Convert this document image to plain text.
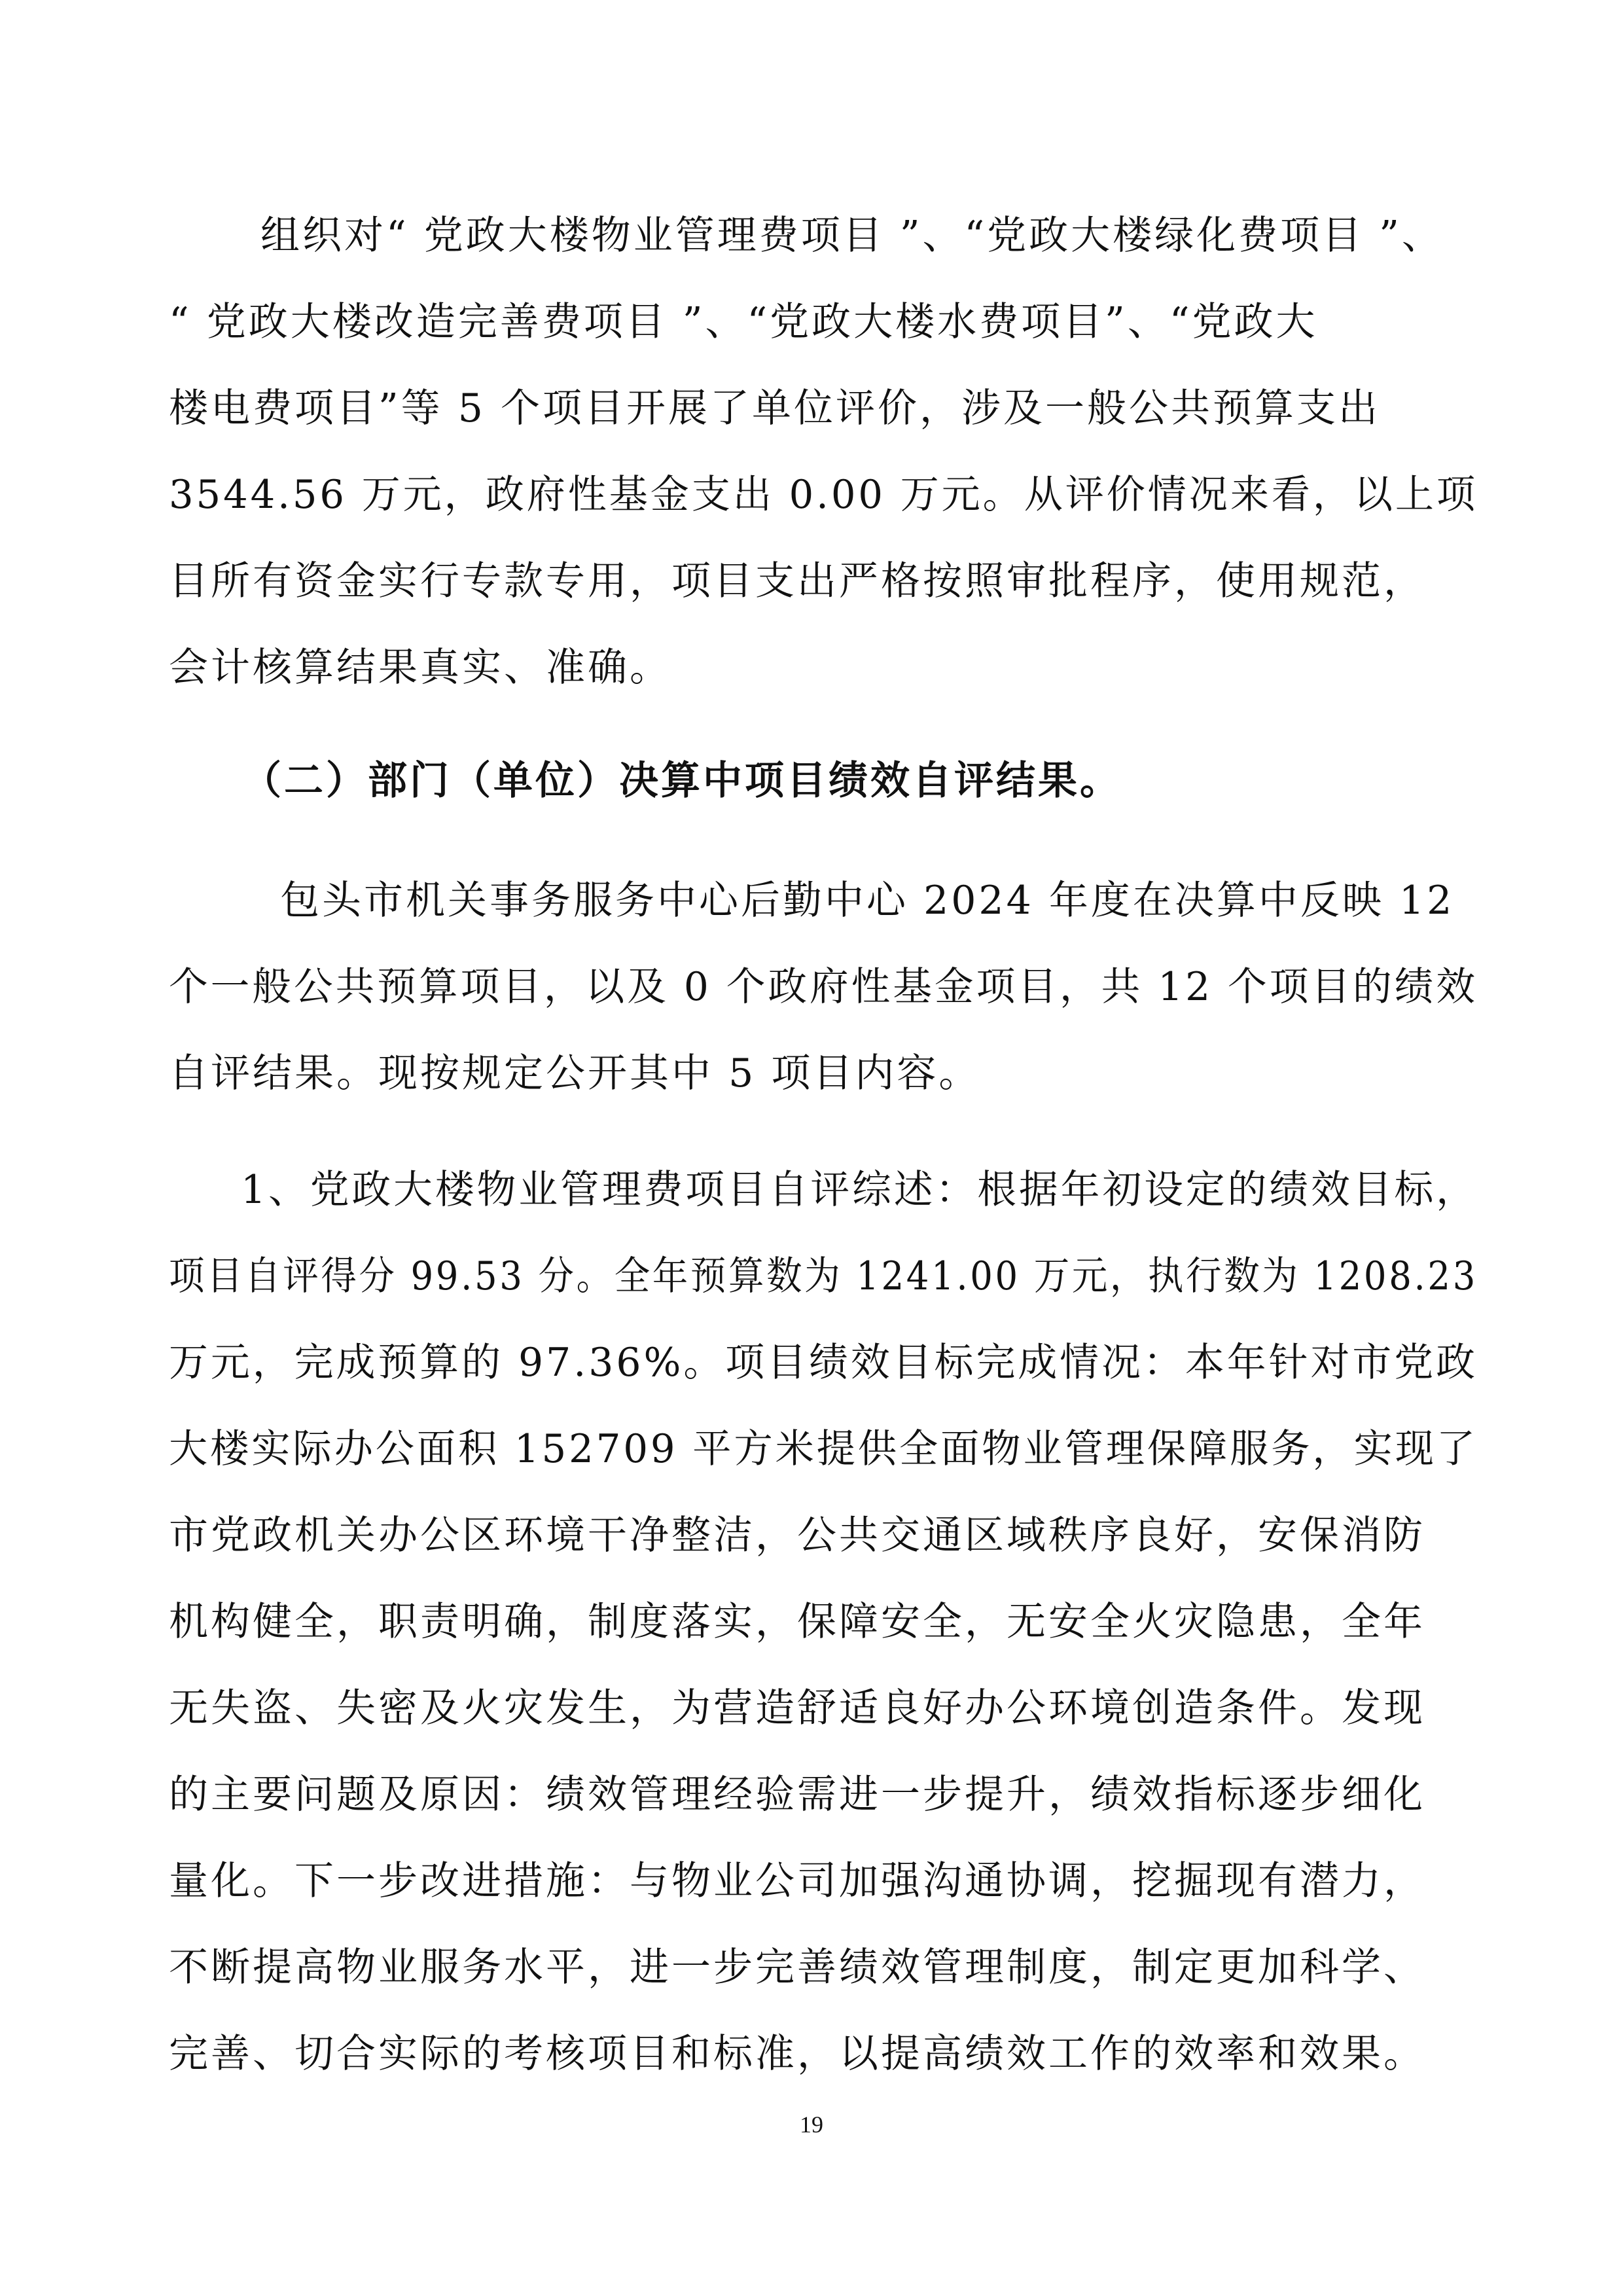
组织对“ 党政大楼物业管理费项目 ”、“党政大楼绿化费项目 ”、
“ 党政大楼改造完善费项目 ”、“党政大楼水费项目”、“党政大
楼电费项目”等 5 个项目开展了单位评价，涉及一般公共预算支出
3544.56 万元，政府性基金支出 0.00 万元。从评价情况来看，以上项
目所有资金实行专款专用，项目支出严格按照审批程序，使用规范，
会计核算结果真实、准确。
（二）部门（单位）决算中项目绩效自评结果。
包头市机关事务服务中心后勤中心 2024 年度在决算中反映 12
个一般公共预算项目，以及 0 个政府性基金项目，共 12 个项目的绩效
自评结果。现按规定公开其中 5 项目内容。
1、党政大楼物业管理费项目自评综述：根据年初设定的绩效目标，
项目自评得分 99.53 分。全年预算数为 1241.00 万元，执行数为 1208.23
万元，完成预算的 97.36%。项目绩效目标完成情况：本年针对市党政
大楼实际办公面积 152709 平方米提供全面物业管理保障服务，实现了
市党政机关办公区环境干净整洁，公共交通区域秩序良好，安保消防
机构健全，职责明确，制度落实，保障安全，无安全火灾隐患，全年
无失盗、失密及火灾发生，为营造舒适良好办公环境创造条件。发现
的主要问题及原因：绩效管理经验需进一步提升，绩效指标逐步细化
量化。下一步改进措施：与物业公司加强沟通协调，挖掘现有潜力，
不断提高物业服务水平，进一步完善绩效管理制度，制定更加科学、
完善、切合实际的考核项目和标准，以提高绩效工作的效率和效果。
19
